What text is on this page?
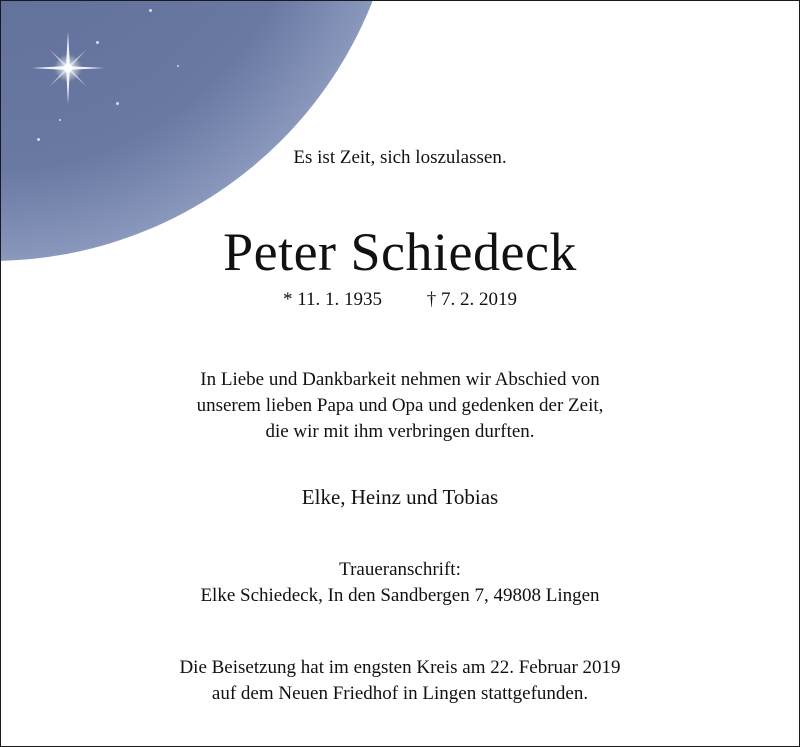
Es ist Zeit, sich loszulassen.
Peter Schiedeck
* 11. 1. 1935 † 7. 2. 2019
In Liebe und Dankbarkeit nehmen wir Abschied von
unserem lieben Papa und Opa und gedenken der Zeit,
die wir mit ihm verbringen durften.
Elke, Heinz und Tobias
Traueranschrift:
Elke Schiedeck, In den Sandbergen 7, 49808 Lingen
Die Beisetzung hat im engsten Kreis am 22. Februar 2019
auf dem Neuen Friedhof in Lingen stattgefunden.
